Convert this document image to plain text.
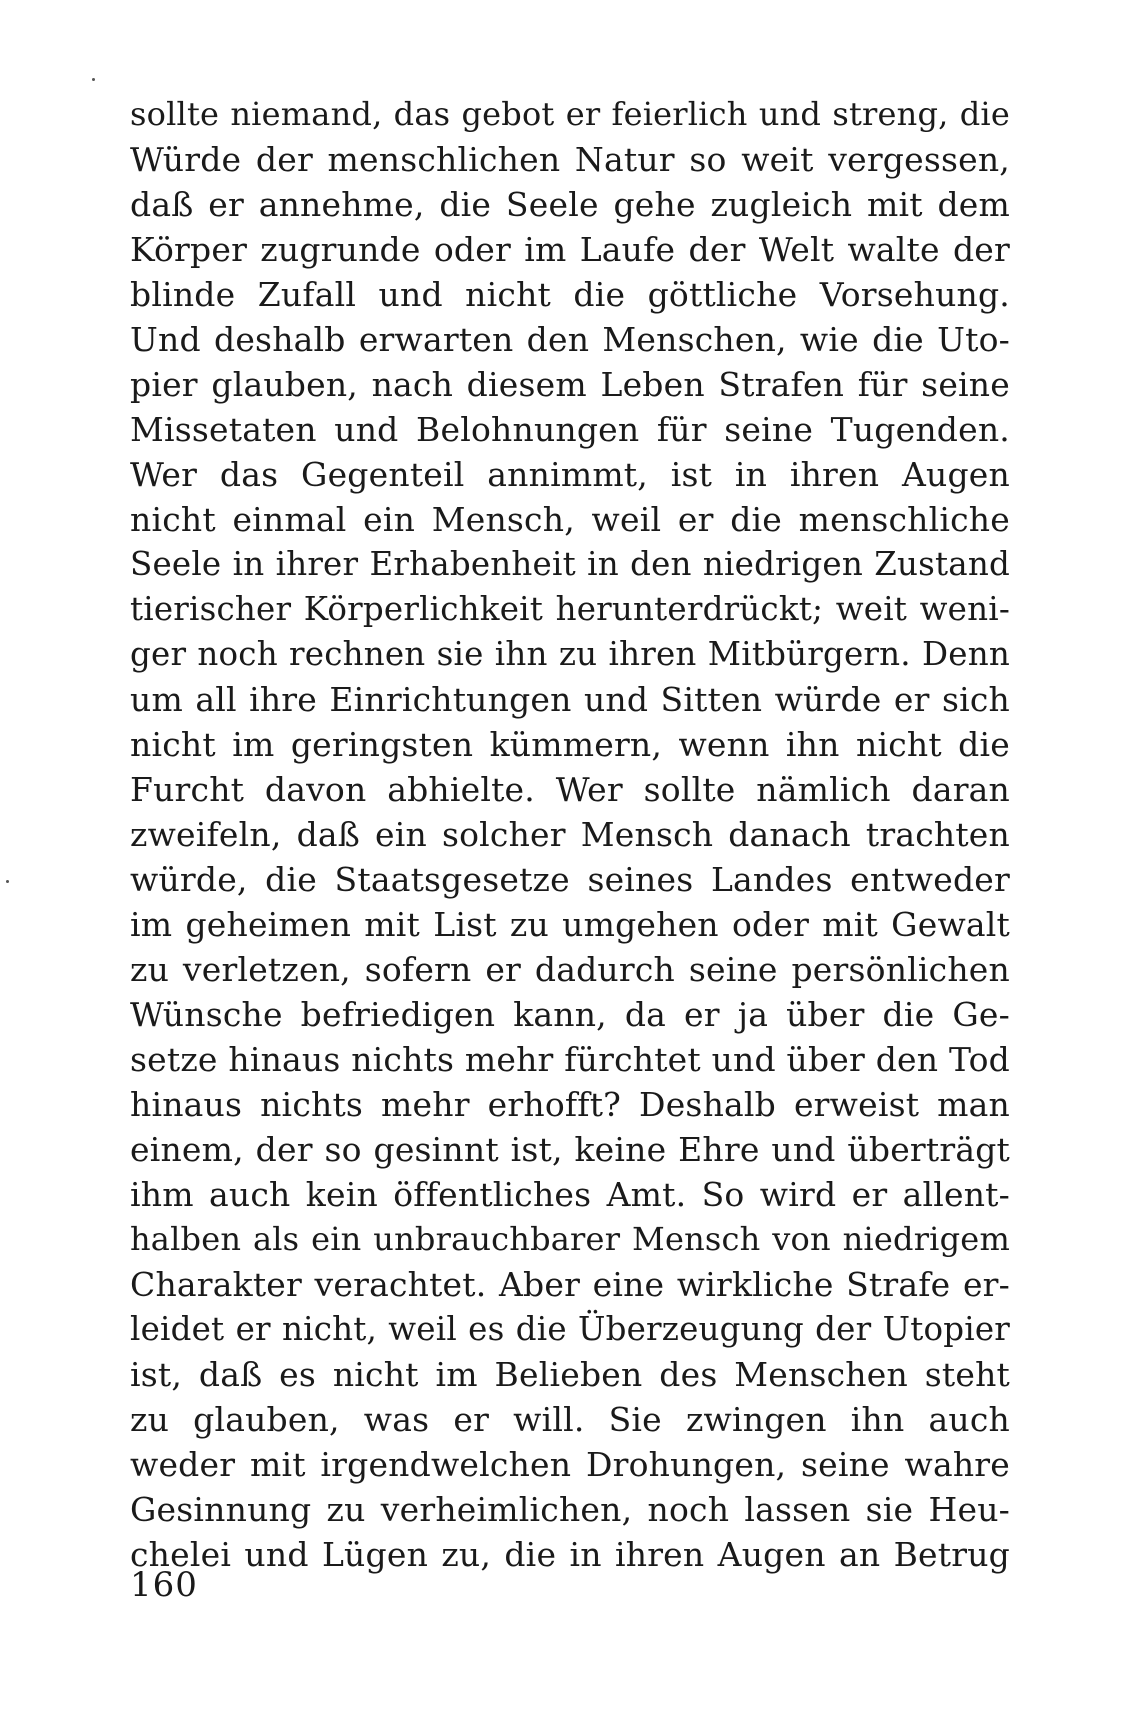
sollte niemand, das gebot er feierlich und streng, die
Würde der menschlichen Natur so weit vergessen,
daß er annehme, die Seele gehe zugleich mit dem
Körper zugrunde oder im Laufe der Welt walte der
blinde Zufall und nicht die göttliche Vorsehung.
Und deshalb erwarten den Menschen, wie die Uto-
pier glauben, nach diesem Leben Strafen für seine
Missetaten und Belohnungen für seine Tugenden.
Wer das Gegenteil annimmt, ist in ihren Augen
nicht einmal ein Mensch, weil er die menschliche
Seele in ihrer Erhabenheit in den niedrigen Zustand
tierischer Körperlichkeit herunterdrückt; weit weni-
ger noch rechnen sie ihn zu ihren Mitbürgern. Denn
um all ihre Einrichtungen und Sitten würde er sich
nicht im geringsten kümmern, wenn ihn nicht die
Furcht davon abhielte. Wer sollte nämlich daran
zweifeln, daß ein solcher Mensch danach trachten
würde, die Staatsgesetze seines Landes entweder
im geheimen mit List zu umgehen oder mit Gewalt
zu verletzen, sofern er dadurch seine persönlichen
Wünsche befriedigen kann, da er ja über die Ge-
setze hinaus nichts mehr fürchtet und über den Tod
hinaus nichts mehr erhofft? Deshalb erweist man
einem, der so gesinnt ist, keine Ehre und überträgt
ihm auch kein öffentliches Amt. So wird er allent-
halben als ein unbrauchbarer Mensch von niedrigem
Charakter verachtet. Aber eine wirkliche Strafe er-
leidet er nicht, weil es die Überzeugung der Utopier
ist, daß es nicht im Belieben des Menschen steht
zu glauben, was er will. Sie zwingen ihn auch
weder mit irgendwelchen Drohungen, seine wahre
Gesinnung zu verheimlichen, noch lassen sie Heu-
chelei und Lügen zu, die in ihren Augen an Betrug
160
